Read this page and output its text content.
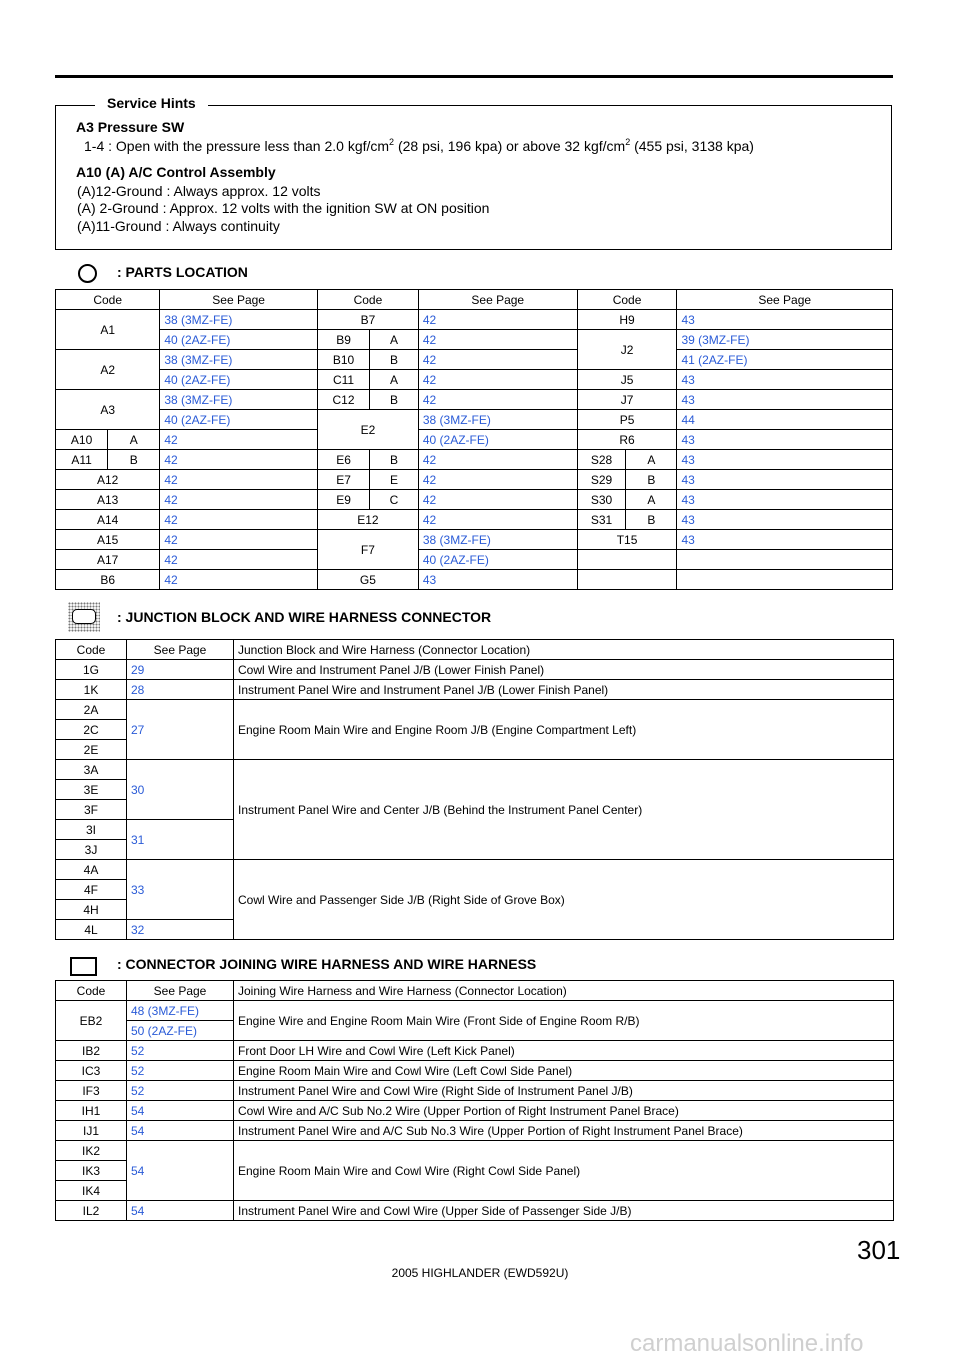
Service Hints
A3 Pressure SW
1-4 : Open with the pressure less than 2.0 kgf/$cm^2$ (28 psi, 196 kpa) or above 32 kgf/$cm^2$ (455 psi, 3138 kpa)
A10 (A) A/C Control Assembly
(A)12-Ground : Always approx. 12 volts
(A) 2-Ground : Approx. 12 volts with the ignition SW at ON position
(A)11-Ground : Always continuity
: PARTS LOCATION
Code		See Page	Code		See Page	Code		See Page
A1		38 (3MZ-FE)	B7		42	H9		43
		40 (2AZ-FE)	B9	A	42	J2		39 (3MZ-FE)
A2		38 (3MZ-FE)	B10	B	42			41 (2AZ-FE)
		40 (2AZ-FE)	C11	A	42	J5		43
A3		38 (3MZ-FE)	C12	B	42	J7		43
		40 (2AZ-FE)	E2		38 (3MZ-FE)	P5		44
A10	A	42			40 (2AZ-FE)	R6		43
A11	B	42	E6	B	42	S28	A	43
A12		42	E7	E	42	S29	B	43
A13		42	E9	C	42	S30	A	43
A14		42	E12		42	S31	B	43
A15		42	F7		38 (3MZ-FE)	T15		43
A17		42			40 (2AZ-FE)			
B6		42	G5		43			
: JUNCTION BLOCK AND WIRE HARNESS CONNECTOR
Code	See Page	Junction Block and Wire Harness (Connector Location)
1G	29	Cowl Wire and Instrument Panel J/B (Lower Finish Panel)
1K	28	Instrument Panel Wire and Instrument Panel J/B (Lower Finish Panel)
2A	27	Engine Room Main Wire and Engine Room J/B (Engine Compartment Left)
2C		
2E		
3A	30	Instrument Panel Wire and Center J/B (Behind the Instrument Panel Center)
3E		
3F		
3I	31	
3J		
4A	33	Cowl Wire and Passenger Side J/B (Right Side of Grove Box)
4F		
4H		
4L	32	
: CONNECTOR JOINING WIRE HARNESS AND WIRE HARNESS
Code	See Page	Joining Wire Harness and Wire Harness (Connector Location)
EB2	48 (3MZ-FE)	Engine Wire and Engine Room Main Wire (Front Side of Engine Room R/B)
	50 (2AZ-FE)	
IB2	52	Front Door LH Wire and Cowl Wire (Left Kick Panel)
IC3	52	Engine Room Main Wire and Cowl Wire (Left Cowl Side Panel)
IF3	52	Instrument Panel Wire and Cowl Wire (Right Side of Instrument Panel J/B)
IH1	54	Cowl Wire and A/C Sub No.2 Wire (Upper Portion of Right Instrument Panel Brace)
IJ1	54	Instrument Panel Wire and A/C Sub No.3 Wire (Upper Portion of Right Instrument Panel Brace)
IK2	54	Engine Room Main Wire and Cowl Wire (Right Cowl Side Panel)
IK3		
IK4		
IL2	54	Instrument Panel Wire and Cowl Wire (Upper Side of Passenger Side J/B)
301
2005 HIGHLANDER (EWD592U)
carmanualsonline.info
